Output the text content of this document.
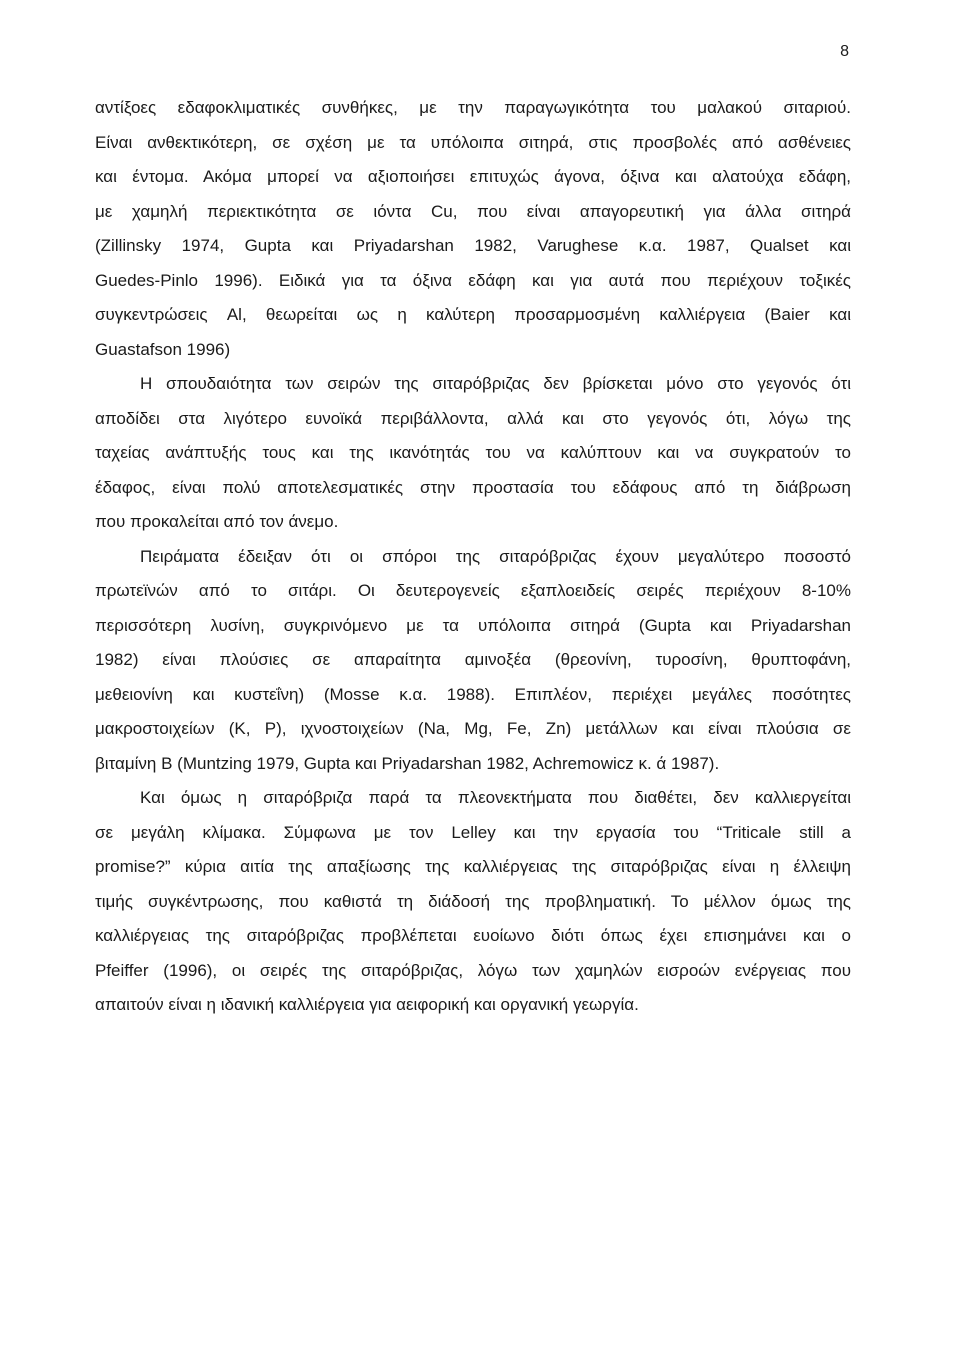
8
αντίξοες εδαφοκλιματικές συνθήκες, με την παραγωγικότητα του μαλακού σιταριού.
Είναι ανθεκτικότερη, σε σχέση με τα υπόλοιπα σιτηρά, στις προσβολές από ασθένειες
και έντομα. Ακόμα μπορεί να αξιοποιήσει επιτυχώς άγονα, όξινα και αλατούχα εδάφη,
με χαμηλή περιεκτικότητα σε ιόντα Cu, που είναι απαγορευτική για άλλα σιτηρά
(Zillinsky 1974, Gupta και Priyadarshan 1982, Varughese κ.α. 1987, Qualset και
Guedes-Pinlo 1996). Ειδικά για τα όξινα εδάφη και για αυτά που περιέχουν τοξικές
συγκεντρώσεις Al, θεωρείται ως η καλύτερη προσαρμοσμένη καλλιέργεια (Baier και
Guastafson 1996)
Η σπουδαιότητα των σειρών της σιταρόβριζας δεν βρίσκεται μόνο στο γεγονός ότι
αποδίδει στα λιγότερο ευνοϊκά περιβάλλοντα, αλλά και στο γεγονός ότι, λόγω της
ταχείας ανάπτυξής τους και της ικανότητάς του να καλύπτουν και να συγκρατούν το
έδαφος, είναι πολύ αποτελεσματικές στην προστασία του εδάφους από τη διάβρωση
που προκαλείται από τον άνεμο.
Πειράματα έδειξαν ότι οι σπόροι της σιταρόβριζας έχουν μεγαλύτερο ποσοστό
πρωτεϊνών από το σιτάρι. Οι δευτερογενείς εξαπλοειδείς σειρές περιέχουν 8-10%
περισσότερη λυσίνη, συγκρινόμενο με τα υπόλοιπα σιτηρά (Gupta και Priyadarshan
1982) είναι πλούσιες σε απαραίτητα αμινοξέα (θρεονίνη, τυροσίνη, θρυπτοφάνη,
μεθειονίνη και κυστεΐνη) (Mosse κ.α. 1988). Επιπλέον, περιέχει μεγάλες ποσότητες
μακροστοιχείων (K, P), ιχνοστοιχείων (Na, Mg, Fe, Zn) μετάλλων και είναι πλούσια σε
βιταμίνη B (Muntzing 1979, Gupta και Priyadarshan 1982, Achremowicz κ. ά 1987).
Και όμως η σιταρόβριζα παρά τα πλεονεκτήματα που διαθέτει, δεν καλλιεργείται
σε μεγάλη κλίμακα. Σύμφωνα με τον Lelley και την εργασία του “Triticale still a
promise?” κύρια αιτία της απαξίωσης της καλλιέργειας της σιταρόβριζας είναι η έλλειψη
τιμής συγκέντρωσης, που καθιστά τη διάδοσή της προβληματική. Το μέλλον όμως της
καλλιέργειας της σιταρόβριζας προβλέπεται ευοίωνο διότι όπως έχει επισημάνει και ο
Pfeiffer (1996), οι σειρές της σιταρόβριζας, λόγω των χαμηλών εισροών ενέργειας που
απαιτούν είναι η ιδανική καλλιέργεια για αειφορική και οργανική γεωργία.
